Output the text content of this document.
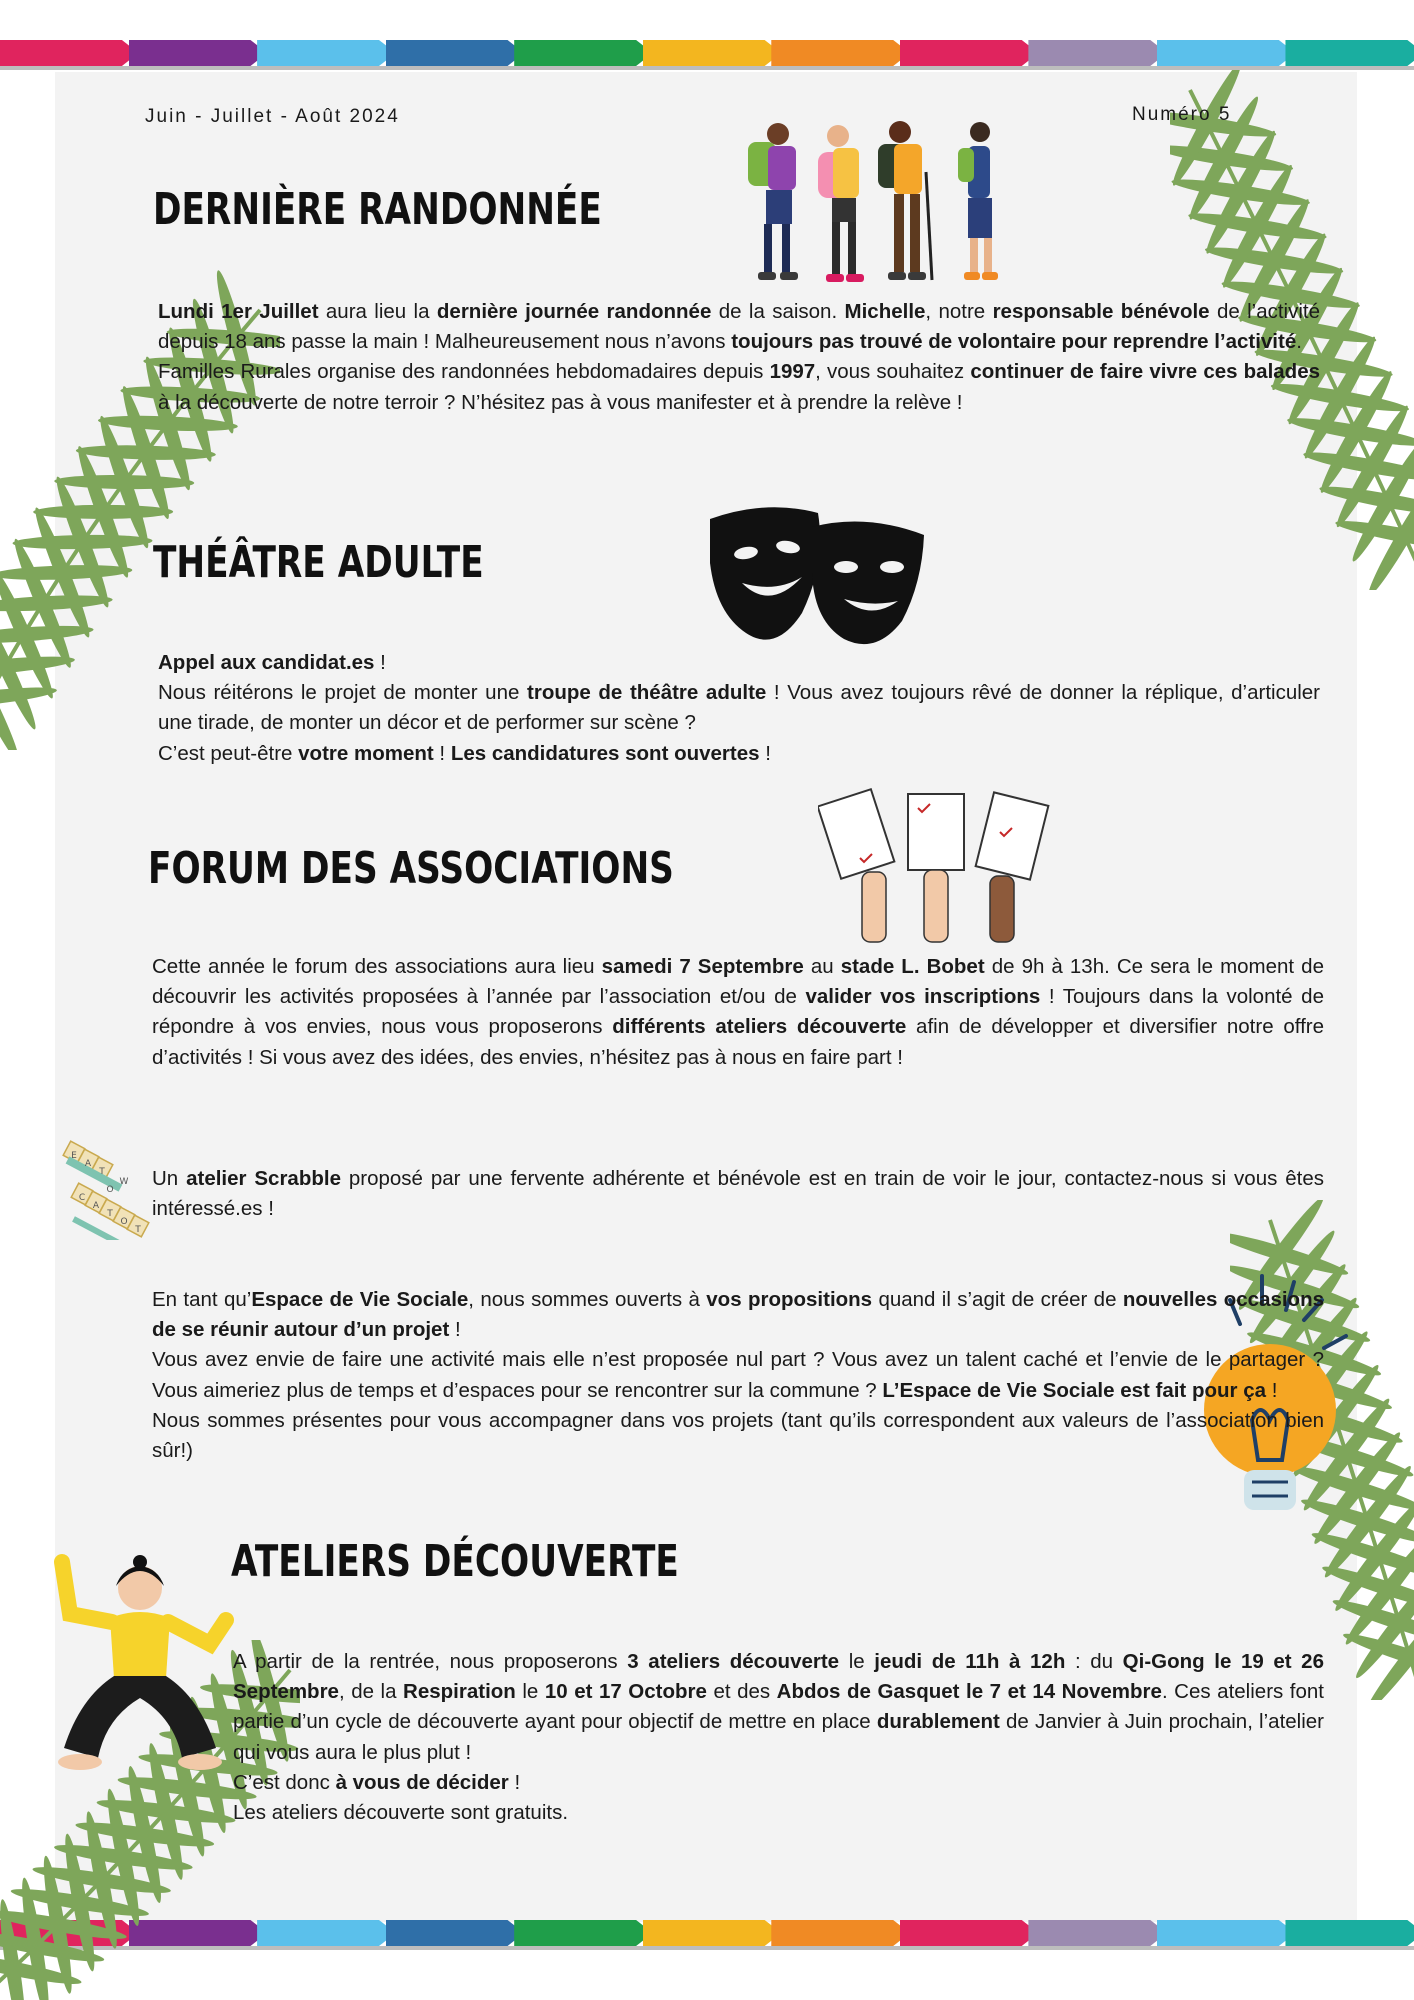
Juin - Juillet - Août 2024	Numéro 5
DERNIÈRE RANDONNÉE

Lundi 1er Juillet aura lieu la dernière journée randonnée de la saison. Michelle, notre responsable bénévole de l’activité depuis 18 ans passe la main ! Malheureusement nous n’avons toujours pas trouvé de volontaire pour reprendre l’activité.

Familles Rurales organise des randonnées hebdomadaires depuis 1997, vous souhaitez continuer de faire vivre ces balades à la découverte de notre terroir ? N’hésitez pas à vous manifester et à prendre la relève !

THÉÂTRE ADULTE

Appel aux candidat.es !

Nous réitérons le projet de monter une troupe de théâtre adulte ! Vous avez toujours rêvé de donner la réplique, d’articuler une tirade, de monter un décor et de performer sur scène ?

C’est peut-être votre moment ! Les candidatures sont ouvertes !

FORUM DES ASSOCIATIONS

Cette année le forum des associations aura lieu samedi 7 Septembre au stade L. Bobet de 9h à 13h. Ce sera le moment de découvrir les activités proposées à l’année par l’association et/ou de valider vos inscriptions ! Toujours dans la volonté de répondre à vos envies, nous vous proposerons différents ateliers découverte afin de développer et diversifier notre offre d’activités ! Si vous avez des idées, des envies, n’hésitez pas à nous en faire part !

E
A
T
C
A
T
O
T
W
O Un atelier Scrabble proposé par une fervente adhérente et bénévole est en train de voir le jour, contactez-nous si vous êtes intéressé.es !

En tant qu’Espace de Vie Sociale, nous sommes ouverts à vos propositions quand il s’agit de créer de nouvelles occasions de se réunir autour d’un projet !

Vous avez envie de faire une activité mais elle n’est proposée nul part ? Vous avez un talent caché et l’envie de le partager ? Vous aimeriez plus de temps et d’espaces pour se rencontrer sur la commune ? L’Espace de Vie Sociale est fait pour ça !

Nous sommes présentes pour vous accompagner dans vos projets (tant qu’ils correspondent aux valeurs de l’association bien sûr!)

ATELIERS DÉCOUVERTE

A partir de la rentrée, nous proposerons 3 ateliers découverte le jeudi de 11h à 12h : du Qi-Gong le 19 et 26 Septembre, de la Respiration le 10 et 17 Octobre et des Abdos de Gasquet le 7 et 14 Novembre. Ces ateliers font partie d’un cycle de découverte ayant pour objectif de mettre en place durablement de Janvier à Juin prochain, l’atelier qui vous aura le plus plut !

C’est donc à vous de décider !

Les ateliers découverte sont gratuits.
